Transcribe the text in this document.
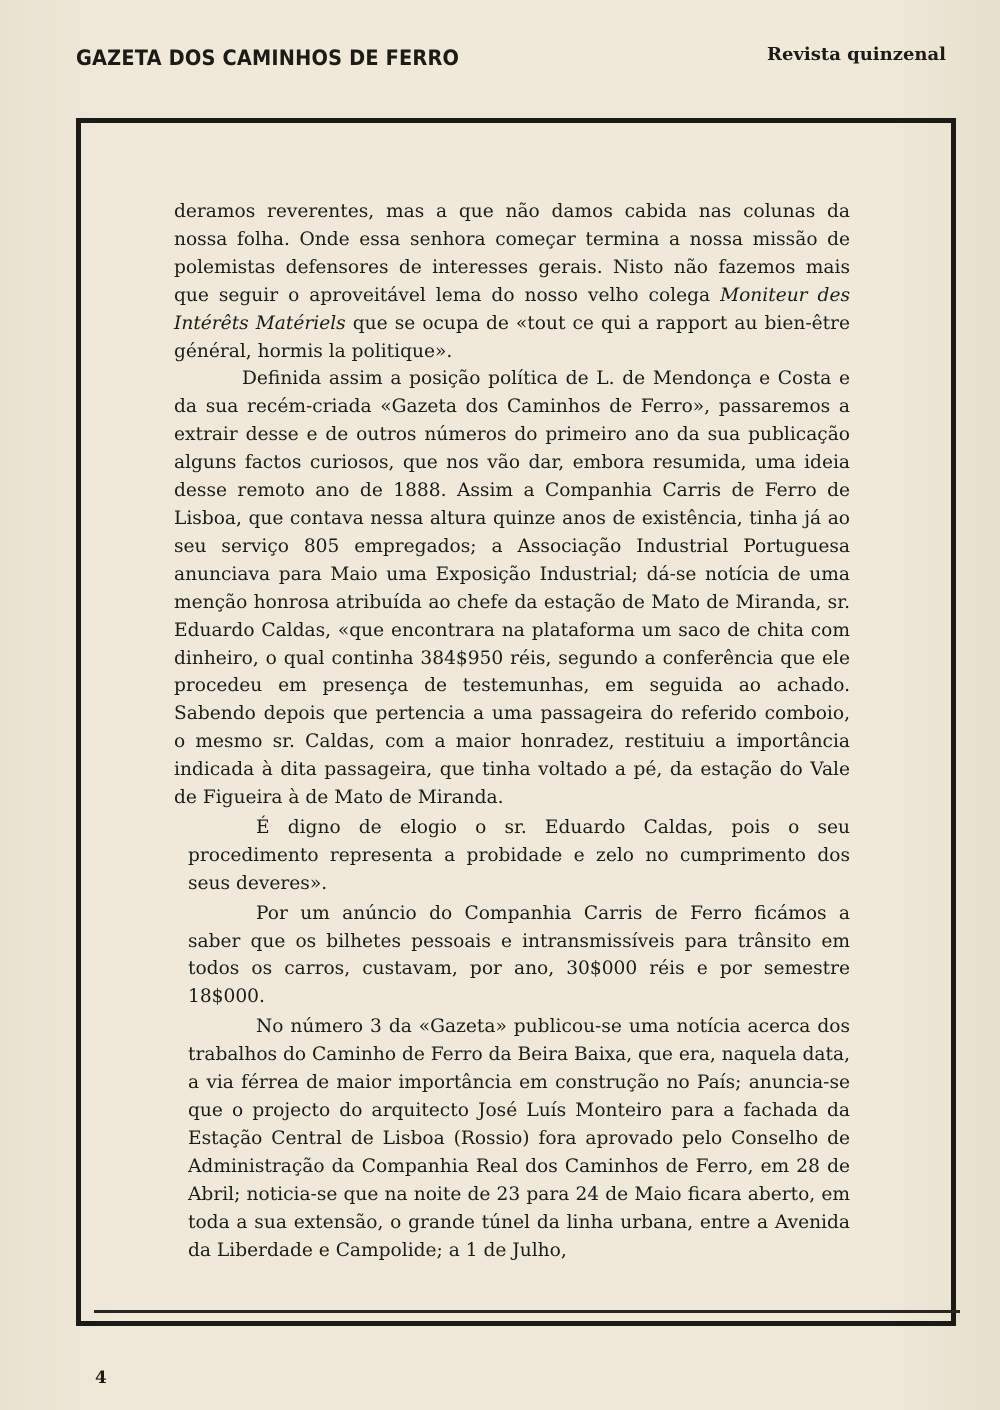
GAZETA DOS CAMINHOS DE FERRO	Revista quinzenal

deramos reverentes, mas a que não damos cabida nas colunas da nossa folha. Onde essa senhora começar termina a nossa missão de polemistas defensores de interesses gerais. Nisto não fazemos mais que seguir o aproveitável lema do nosso velho colega Moniteur des Intérêts Matériels que se ocupa de «tout ce qui a rapport au bien-être général, hormis la politique».

Definida assim a posição política de L. de Mendonça e Costa e da sua recém-criada «Gazeta dos Caminhos de Ferro», passaremos a extrair desse e de outros números do primeiro ano da sua publicação alguns factos curiosos, que nos vão dar, embora resumida, uma ideia desse remoto ano de 1888. Assim a Companhia Carris de Ferro de Lisboa, que contava nessa altura quinze anos de existência, tinha já ao seu serviço 805 empregados; a Associação Industrial Portuguesa anunciava para Maio uma Exposição Industrial; dá-se notícia de uma menção honrosa atribuída ao chefe da estação de Mato de Miranda, sr. Eduardo Caldas, «que encontrara na plataforma um saco de chita com dinheiro, o qual continha 384$950 réis, segundo a conferência que ele procedeu em presença de testemunhas, em seguida ao achado. Sabendo depois que pertencia a uma passageira do referido comboio, o mesmo sr. Caldas, com a maior honradez, restituiu a importância indicada à dita passageira, que tinha voltado a pé, da estação do Vale de Figueira à de Mato de Miranda.

É digno de elogio o sr. Eduardo Caldas, pois o seu procedimento representa a probidade e zelo no cumprimento dos seus deveres».

Por um anúncio do Companhia Carris de Ferro ficámos a saber que os bilhetes pessoais e intransmissíveis para trânsito em todos os carros, custavam, por ano, 30$000 réis e por semestre 18$000.

No número 3 da «Gazeta» publicou-se uma notícia acerca dos trabalhos do Caminho de Ferro da Beira Baixa, que era, naquela data, a via férrea de maior importância em construção no País; anuncia-se que o projecto do arquitecto José Luís Monteiro para a fachada da Estação Central de Lisboa (Rossio) fora aprovado pelo Conselho de Administração da Companhia Real dos Caminhos de Ferro, em 28 de Abril; noticia-se que na noite de 23 para 24 de Maio ficara aberto, em toda a sua extensão, o grande túnel da linha urbana, entre a Avenida da Liberdade e Campolide; a 1 de Julho,

4
